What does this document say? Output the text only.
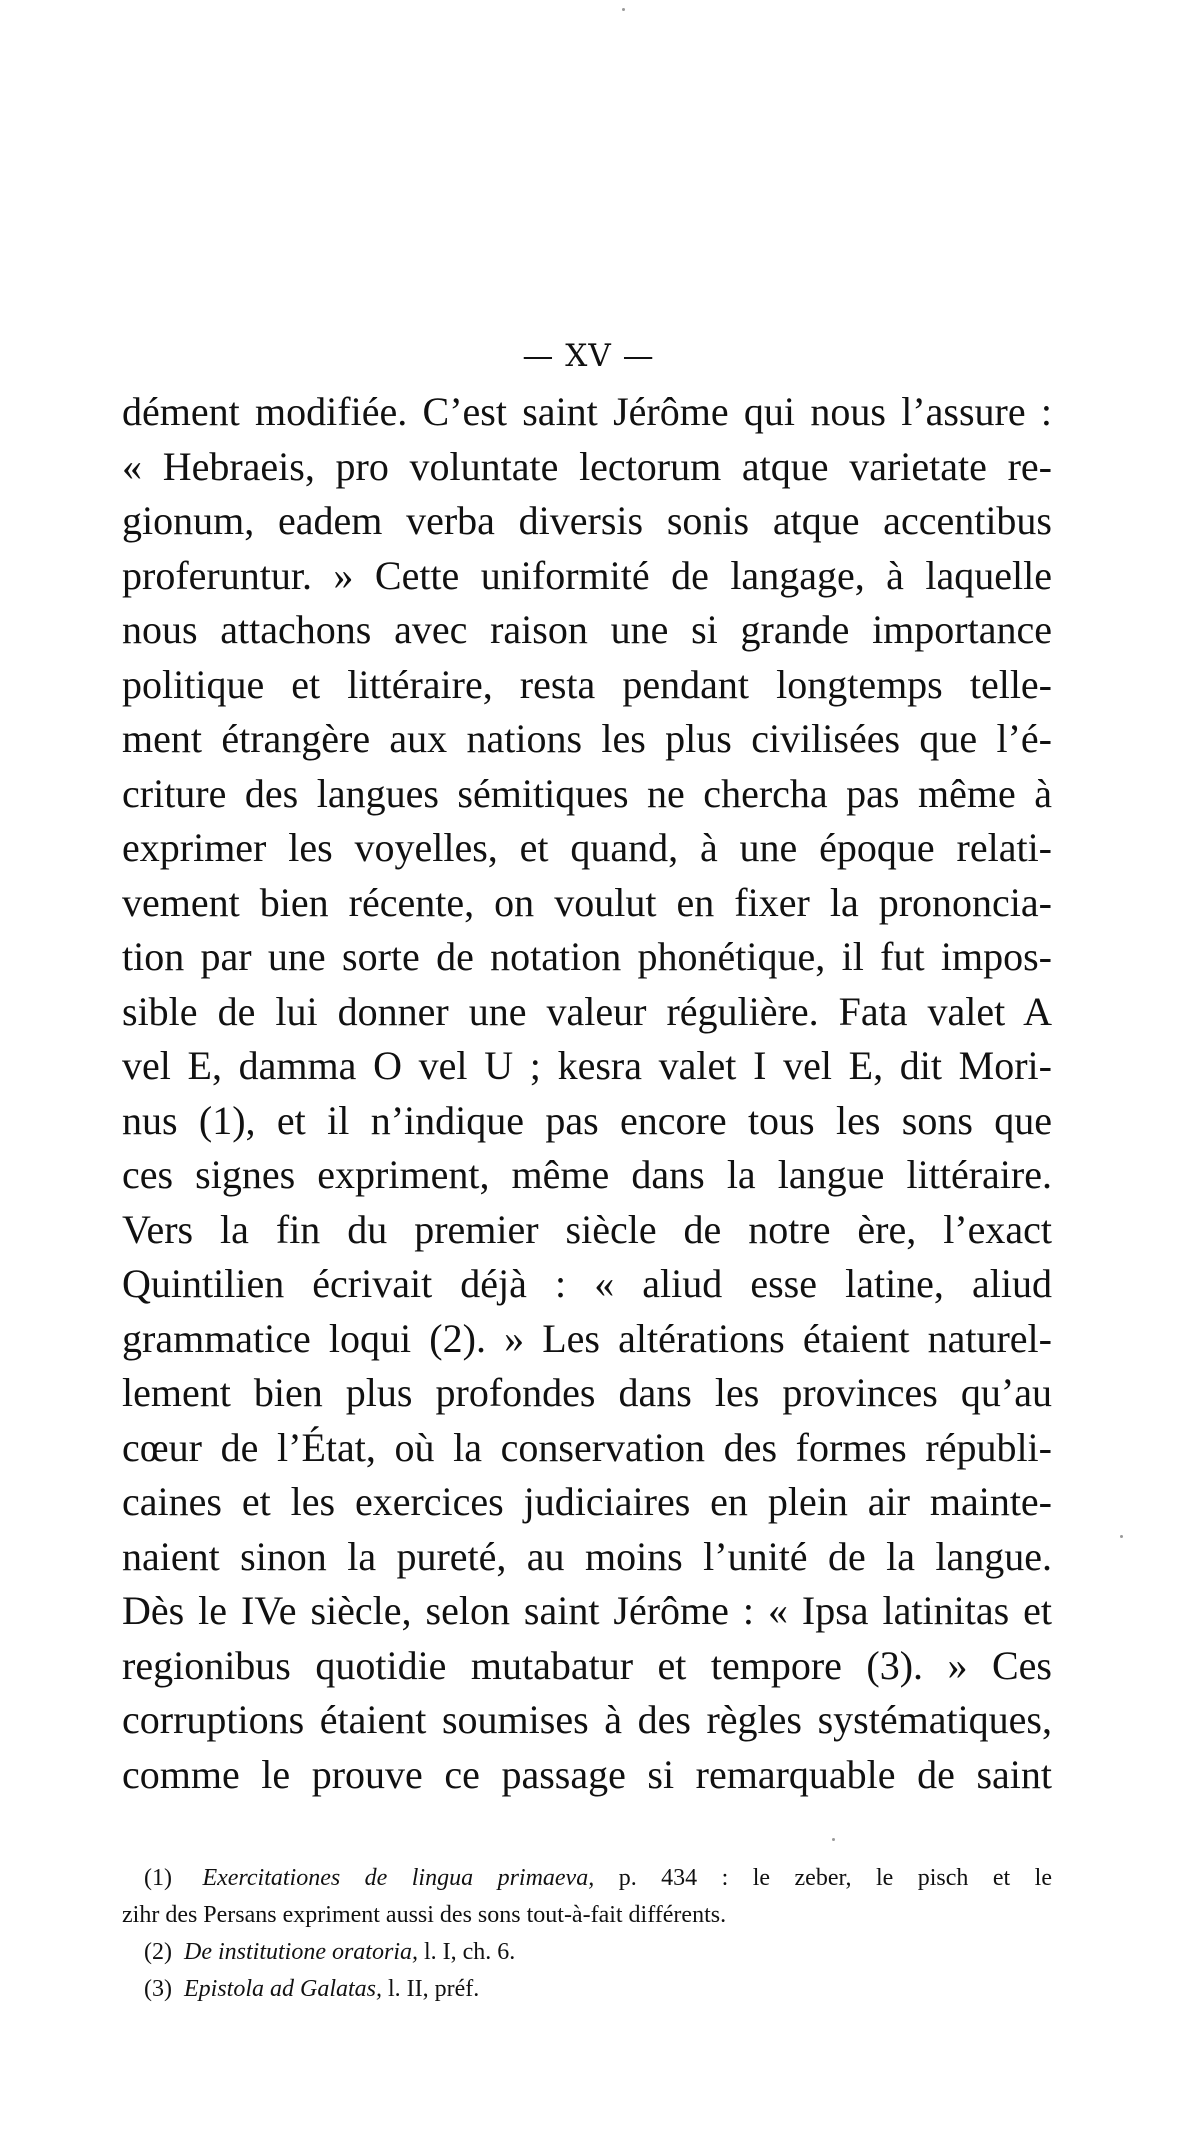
— XV —
dément modifiée. C’est saint Jérôme qui nous l’assure :
« Hebraeis, pro voluntate lectorum atque varietate re-
gionum, eadem verba diversis sonis atque accentibus
proferuntur. » Cette uniformité de langage, à laquelle
nous attachons avec raison une si grande importance
politique et littéraire, resta pendant longtemps telle-
ment étrangère aux nations les plus civilisées que l’é-
criture des langues sémitiques ne chercha pas même à
exprimer les voyelles, et quand, à une époque relati-
vement bien récente, on voulut en fixer la prononcia-
tion par une sorte de notation phonétique, il fut impos-
sible de lui donner une valeur régulière. Fata valet A
vel E, damma O vel U ; kesra valet I vel E, dit Mori-
nus (1), et il n’indique pas encore tous les sons que
ces signes expriment, même dans la langue littéraire.
Vers la fin du premier siècle de notre ère, l’exact
Quintilien écrivait déjà : « aliud esse latine, aliud
grammatice loqui (2). » Les altérations étaient naturel-
lement bien plus profondes dans les provinces qu’au
cœur de l’État, où la conservation des formes républi-
caines et les exercices judiciaires en plein air mainte-
naient sinon la pureté, au moins l’unité de la langue.
Dès le IVe siècle, selon saint Jérôme : « Ipsa latinitas et
regionibus quotidie mutabatur et tempore (3). » Ces
corruptions étaient soumises à des règles systématiques,
comme le prouve ce passage si remarquable de saint
(1) Exercitationes de lingua primaeva, p. 434 : le zeber, le pisch et le
zihr des Persans expriment aussi des sons tout-à-fait différents.
(2) De institutione oratoria, l. I, ch. 6.
(3) Epistola ad Galatas, l. II, préf.
